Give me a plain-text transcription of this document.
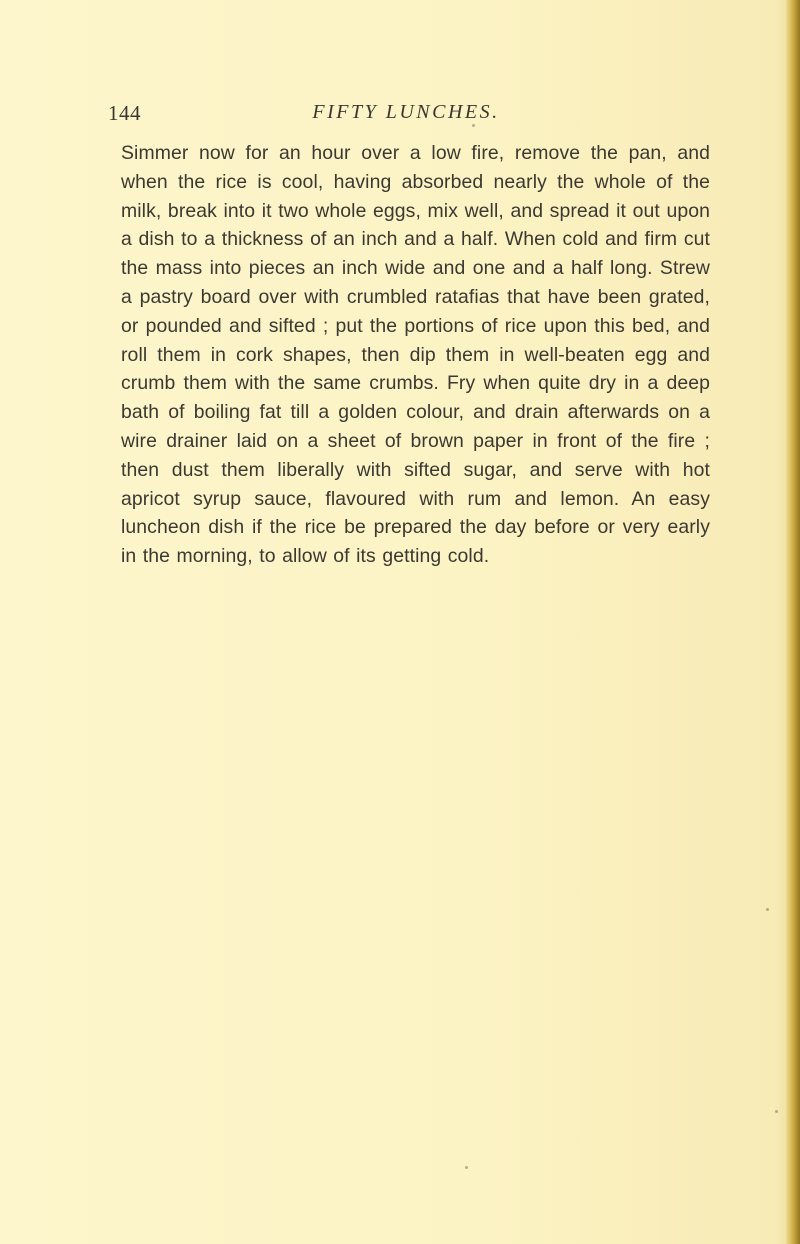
144	FIFTY LUNCHES.

Simmer now for an hour over a low fire, remove the pan, and when the rice is cool, having absorbed nearly the whole of the milk, break into it two whole eggs, mix well, and spread it out upon a dish to a thickness of an inch and a half. When cold and firm cut the mass into pieces an inch wide and one and a half long. Strew a pastry board over with crumbled ratafias that have been grated, or pounded and sifted ; put the portions of rice upon this bed, and roll them in cork shapes, then dip them in well-beaten egg and crumb them with the same crumbs. Fry when quite dry in a deep bath of boiling fat till a golden colour, and drain afterwards on a wire drainer laid on a sheet of brown paper in front of the fire ; then dust them liberally with sifted sugar, and serve with hot apricot syrup sauce, flavoured with rum and lemon. An easy luncheon dish if the rice be prepared the day before or very early in the morning, to allow of its getting cold.
